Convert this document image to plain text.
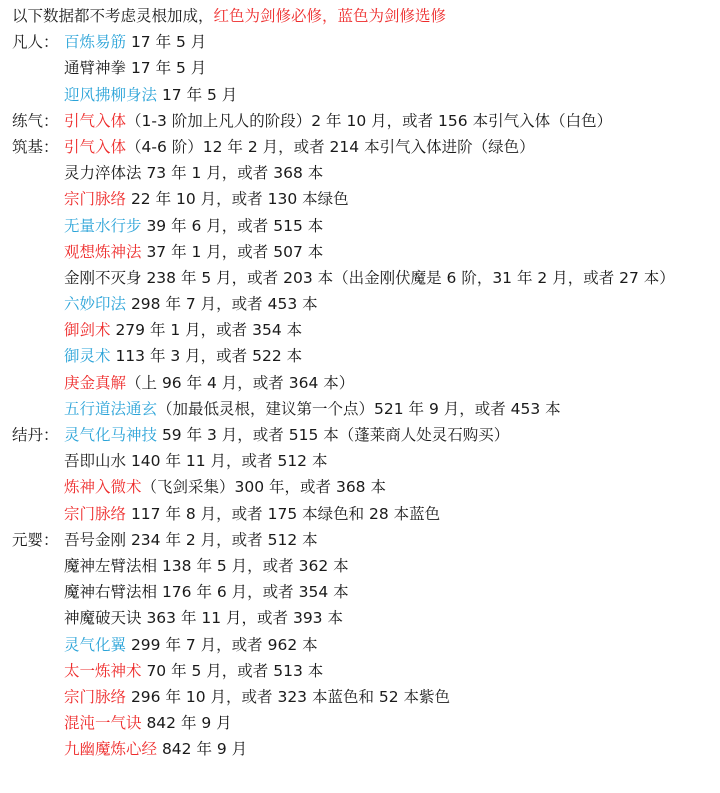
以下数据都不考虑灵根加成，红色为剑修必修，蓝色为剑修选修
凡人： 百炼易筋 17 年 5 月
通臂神拳 17 年 5 月
迎风拂柳身法 17 年 5 月
练气： 引气入体（1-3 阶加上凡人的阶段）2 年 10 月，或者 156 本引气入体（白色）
筑基： 引气入体（4-6 阶）12 年 2 月，或者 214 本引气入体进阶（绿色）
灵力淬体法 73 年 1 月，或者 368 本
宗门脉络 22 年 10 月，或者 130 本绿色
无量水行步 39 年 6 月，或者 515 本
观想炼神法 37 年 1 月，或者 507 本
金刚不灭身 238 年 5 月，或者 203 本（出金刚伏魔是 6 阶，31 年 2 月，或者 27 本）
六妙印法 298 年 7 月，或者 453 本
御剑术 279 年 1 月，或者 354 本
御灵术 113 年 3 月，或者 522 本
庚金真解（上 96 年 4 月，或者 364 本）
五行道法通玄（加最低灵根，建议第一个点）521 年 9 月，或者 453 本
结丹： 灵气化马神技 59 年 3 月，或者 515 本（蓬莱商人处灵石购买）
吾即山水 140 年 11 月，或者 512 本
炼神入微术（飞剑采集）300 年，或者 368 本
宗门脉络 117 年 8 月，或者 175 本绿色和 28 本蓝色
元婴： 吾号金刚 234 年 2 月，或者 512 本
魔神左臂法相 138 年 5 月，或者 362 本
魔神右臂法相 176 年 6 月，或者 354 本
神魔破天诀 363 年 11 月，或者 393 本
灵气化翼 299 年 7 月，或者 962 本
太一炼神术 70 年 5 月，或者 513 本
宗门脉络 296 年 10 月，或者 323 本蓝色和 52 本紫色
混沌一气诀 842 年 9 月
九幽魔炼心经 842 年 9 月
